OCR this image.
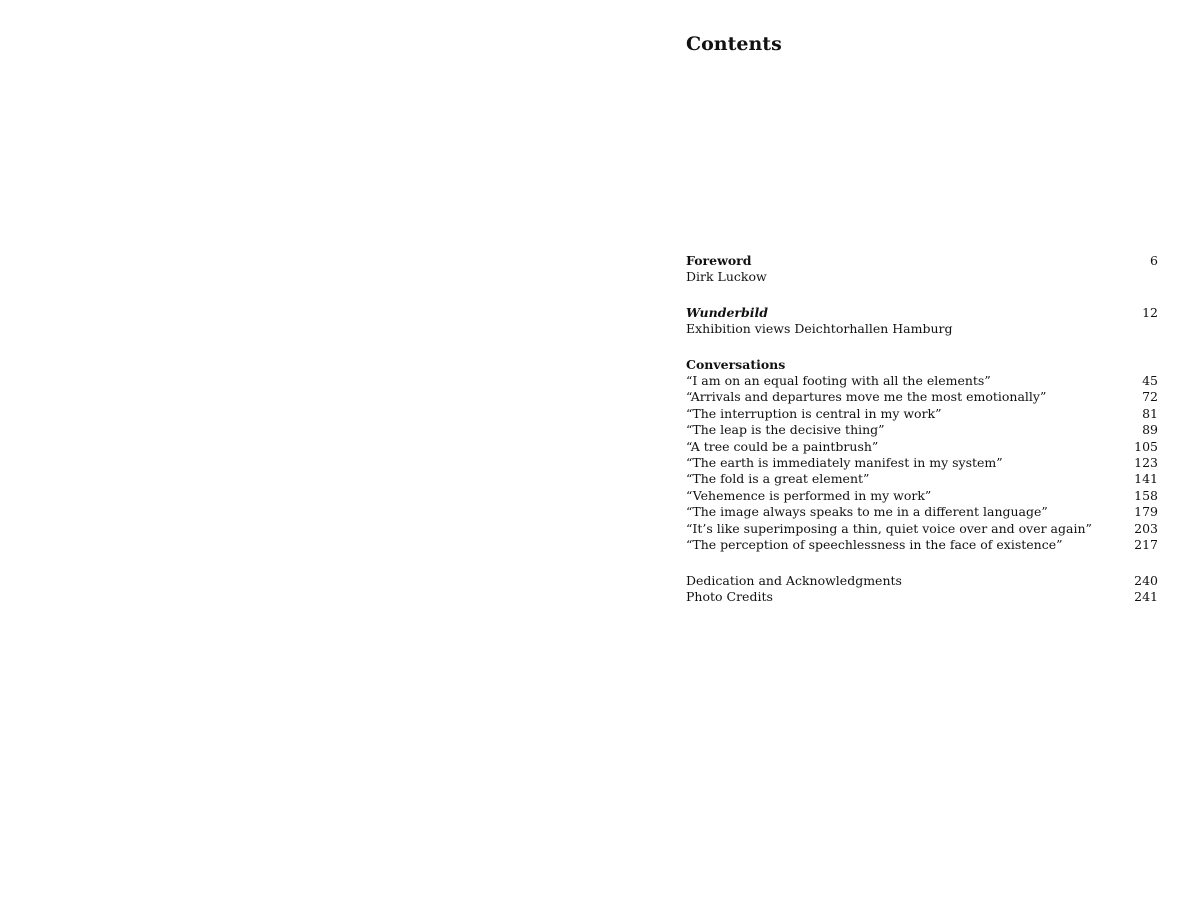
Contents
Foreword	6
Dirk Luckow
Wunderbild	12
Exhibition views Deichtorhallen Hamburg
Conversations
“I am on an equal footing with all the elements”	45
“Arrivals and departures move me the most emotionally”	72
“The interruption is central in my work”	81
“The leap is the decisive thing”	89
“A tree could be a paintbrush”	105
“The earth is immediately manifest in my system”	123
“The fold is a great element”	141
“Vehemence is performed in my work”	158
“The image always speaks to me in a different language”	179
“It’s like superimposing a thin, quiet voice over and over again”	203
“The perception of speechlessness in the face of existence”	217
Dedication and Acknowledgments	240
Photo Credits	241
